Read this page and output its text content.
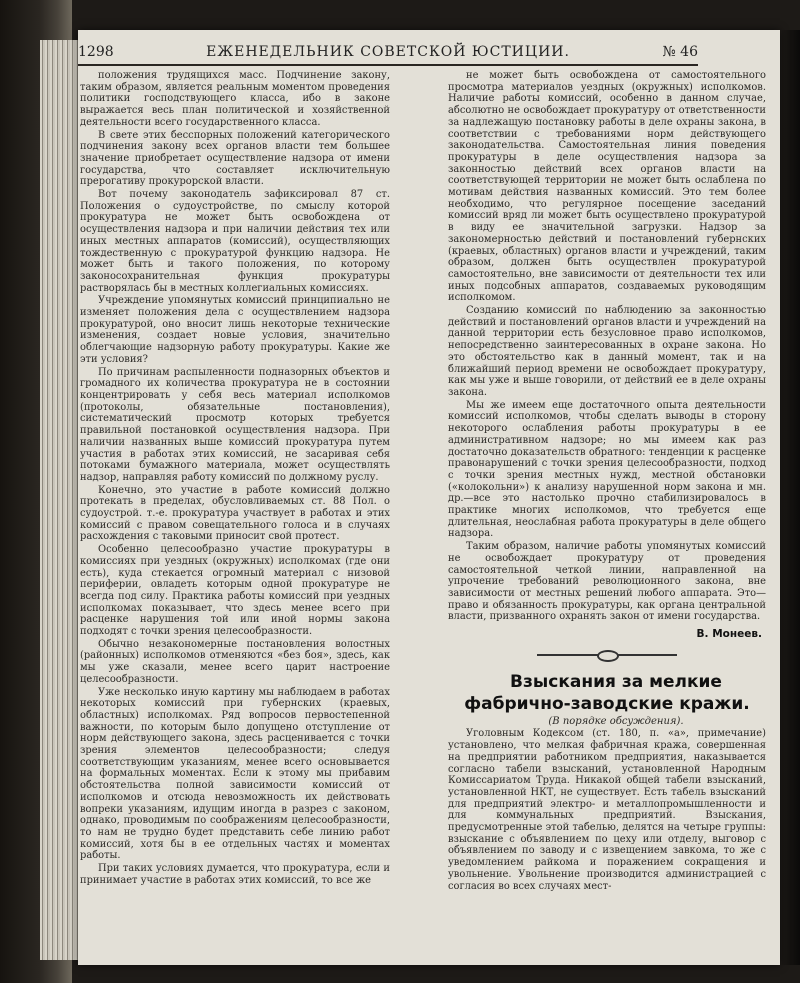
положения трудящихся масс. Подчинение закону, таким образом, является реальным моментом проведения политики господствующего класса, ибо в законе выражается весь план политической и хозяйственной деятельности всего государственного класса.

В свете этих бесспорных положений категорического подчинения закону всех органов власти тем большее значение приобретает осуществление надзора от имени государства, что составляет исключительную прерогативу прокурорской власти.

Вот почему законодатель зафиксировал 87 ст. Положения о судоустройстве, по смыслу которой прокуратура не может быть освобождена от осуществления надзора и при наличии действия тех или иных местных аппаратов (комиссий), осуществляющих тождественную с прокуратурой функцию надзора. Не может быть и такого положения, по которому законосохранительная функция прокуратуры растворялась бы в местных коллегиальных комиссиях.

Учреждение упомянутых комиссий принципиально не изменяет положения дела с осуществлением надзора прокуратурой, оно вносит лишь некоторые технические изменения, создает новые условия, значительно облегчающие надзорную работу прокуратуры. Какие же эти условия?

По причинам распыленности подназорных объектов и громадного их количества прокуратура не в состоянии концентрировать у себя весь материал исполкомов (протоколы, обязательные постановления), систематический просмотр которых требуется правильной постановкой осуществления надзора. При наличии названных выше комиссий прокуратура путем участия в работах этих комиссий, не засаривая себя потоками бумажного материала, может осуществлять надзор, направляя работу комиссий по должному руслу.

Конечно, это участие в работе комиссий должно протекать в пределах, обусловливаемых ст. 88 Пол. о судоустрой. т.-е. прокуратура участвует в работах и этих комиссий с правом совещательного голоса и в случаях расхождения с таковыми приносит свой протест.

Особенно целесообразно участие прокуратуры в комиссиях при уездных (окружных) исполкомах (где они есть), куда стекается огромный материал с низовой периферии, овладеть которым одной прокуратуре не всегда под силу. Практика работы комиссий при уездных исполкомах показывает, что здесь менее всего при расценке нарушения той или иной нормы закона подходят с точки зрения целесообразности.

Обычно незакономерные постановления волостных (районных) исполкомов отменяются «без боя», здесь, как мы уже сказали, менее всего царит настроение целесообразности.

Уже несколько иную картину мы наблюдаем в работах некоторых комиссий при губернских (краевых, областных) исполкомах. Ряд вопросов первостепенной важности, по которым было допущено отступление от норм действующего закона, здесь расценивается с точки зрения элементов целесообразности; следуя соответствующим указаниям, менее всего основывается на формальных моментах. Если к этому мы прибавим обстоятельства полной зависимости комиссий от исполкомов и отсюда невозможность их действовать вопреки указаниям, идущим иногда в разрез с законом, однако, проводимым по соображениям целесообразности, то нам не трудно будет представить себе линию работ комиссий, хотя бы в ее отдельных частях и моментах работы.

При таких условиях думается, что прокуратура, если и принимает участие в работах этих комиссий, то все же

не может быть освобождена от самостоятельного просмотра материалов уездных (окружных) исполкомов. Наличие работы комиссий, особенно в данном случае, абсолютно не освобождает прокуратуру от ответственности за надлежащую постановку работы в деле охраны закона, в соответствии с требованиями норм действующего законодательства. Самостоятельная линия поведения прокуратуры в деле осуществления надзора за законностью действий всех органов власти на соответствующей территории не может быть ослаблена по мотивам действия названных комиссий. Это тем более необходимо, что регулярное посещение заседаний комиссий вряд ли может быть осуществлено прокуратурой в виду ее значительной загрузки. Надзор за закономерностью действий и постановлений губернских (краевых, областных) органов власти и учреждений, таким образом, должен быть осуществлен прокуратурой самостоятельно, вне зависимости от деятельности тех или иных подсобных аппаратов, создаваемых руководящим исполкомом.

Созданию комиссий по наблюдению за законностью действий и постановлений органов власти и учреждений на данной территории есть безусловное право исполкомов, непосредственно заинтересованных в охране закона. Но это обстоятельство как в данный момент, так и на ближайший период времени не освобождает прокуратуру, как мы уже и выше говорили, от действий ее в деле охраны закона.

Мы же имеем еще достаточного опыта деятельности комиссий исполкомов, чтобы сделать выводы в сторону некоторого ослабления работы прокуратуры в ее административном надзоре; но мы имеем как раз достаточно доказательств обратного: тенденции к расценке правонарушений с точки зрения целесообразности, подход с точки зрения местных нужд, местной обстановки («колокольни») к анализу нарушенной норм закона и мн. др.—все это настолько прочно стабилизировалось в практике многих исполкомов, что требуется еще длительная, неослабная работа прокуратуры в деле общего надзора.

Таким образом, наличие работы упомянутых комиссий не освобождает прокуратуру от проведения самостоятельной четкой линии, направленной на упрочение требований революционного закона, вне зависимости от местных решений любого аппарата. Это—право и обязанность прокуратуры, как органа центральной власти, призванного охранять закон от имени государства.

В. Монеев.

Взыскания за мелкие фабрично-заводские кражи.

(В порядке обсуждения).

Уголовным Кодексом (ст. 180, п. «а», примечание) установлено, что мелкая фабричная кража, совершенная на предприятии работником предприятия, наказывается согласно табели взысканий, установленной Народным Комиссариатом Труда. Никакой общей табели взысканий, установленной НКТ, не существует. Есть табель взысканий для предприятий электро- и металлопромышленности и для коммунальных предприятий. Взыскания, предусмотренные этой табелью, делятся на четыре группы: взыскание с объявлением по цеху или отделу, выговор с объявлением по заводу и с извещением завкома, то же с уведомлением райкома и поражением сокращения и увольнение. Увольнение производится администрацией с согласия во всех случаях мест-

1298	ЕЖЕНЕДЕЛЬНИК СОВЕТСКОЙ ЮСТИЦИИ.	№ 46
